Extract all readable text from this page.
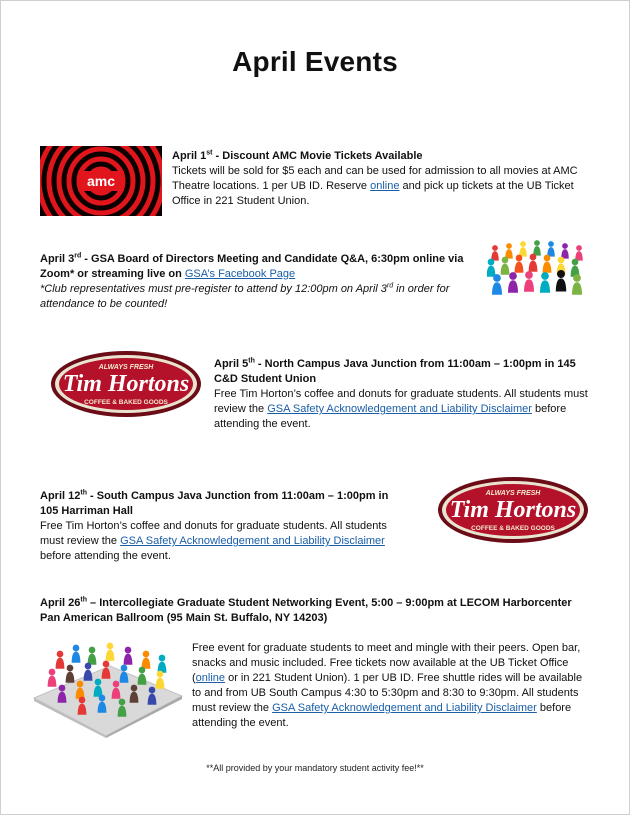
April Events
amc
April 1st - Discount AMC Movie Tickets Available
Tickets will be sold for $5 each and can be used for admission to all movies at AMC Theatre locations. 1 per UB ID. Reserve online and pick up tickets at the UB Ticket Office in 221 Student Union.
April 3rd - GSA Board of Directors Meeting and Candidate Q&A, 6:30pm online via Zoom* or streaming live on GSA’s Facebook Page
*Club representatives must pre-register to attend by 12:00pm on April 3rd in order for attendance to be counted!
ALWAYS FRESH
Tim Hortons
COFFEE & BAKED GOODS
April 5th - North Campus Java Junction from 11:00am – 1:00pm in 145 C&D Student Union
Free Tim Horton’s coffee and donuts for graduate students. All students must review the GSA Safety Acknowledgement and Liability Disclaimer before attending the event.
April 12th - South Campus Java Junction from 11:00am – 1:00pm in 105 Harriman Hall
Free Tim Horton’s coffee and donuts for graduate students. All students must review the GSA Safety Acknowledgement and Liability Disclaimer before attending the event.
ALWAYS FRESH
Tim Hortons
COFFEE & BAKED GOODS
April 26th – Intercollegiate Graduate Student Networking Event, 5:00 – 9:00pm at LECOM Harborcenter Pan American Ballroom (95 Main St. Buffalo, NY 14203)
Free event for graduate students to meet and mingle with their peers. Open bar, snacks and music included. Free tickets now available at the UB Ticket Office (online or in 221 Student Union). 1 per UB ID. Free shuttle rides will be available to and from UB South Campus 4:30 to 5:30pm and 8:30 to 9:30pm. All students must review the GSA Safety Acknowledgement and Liability Disclaimer before attending the event.
**All provided by your mandatory student activity fee!**
